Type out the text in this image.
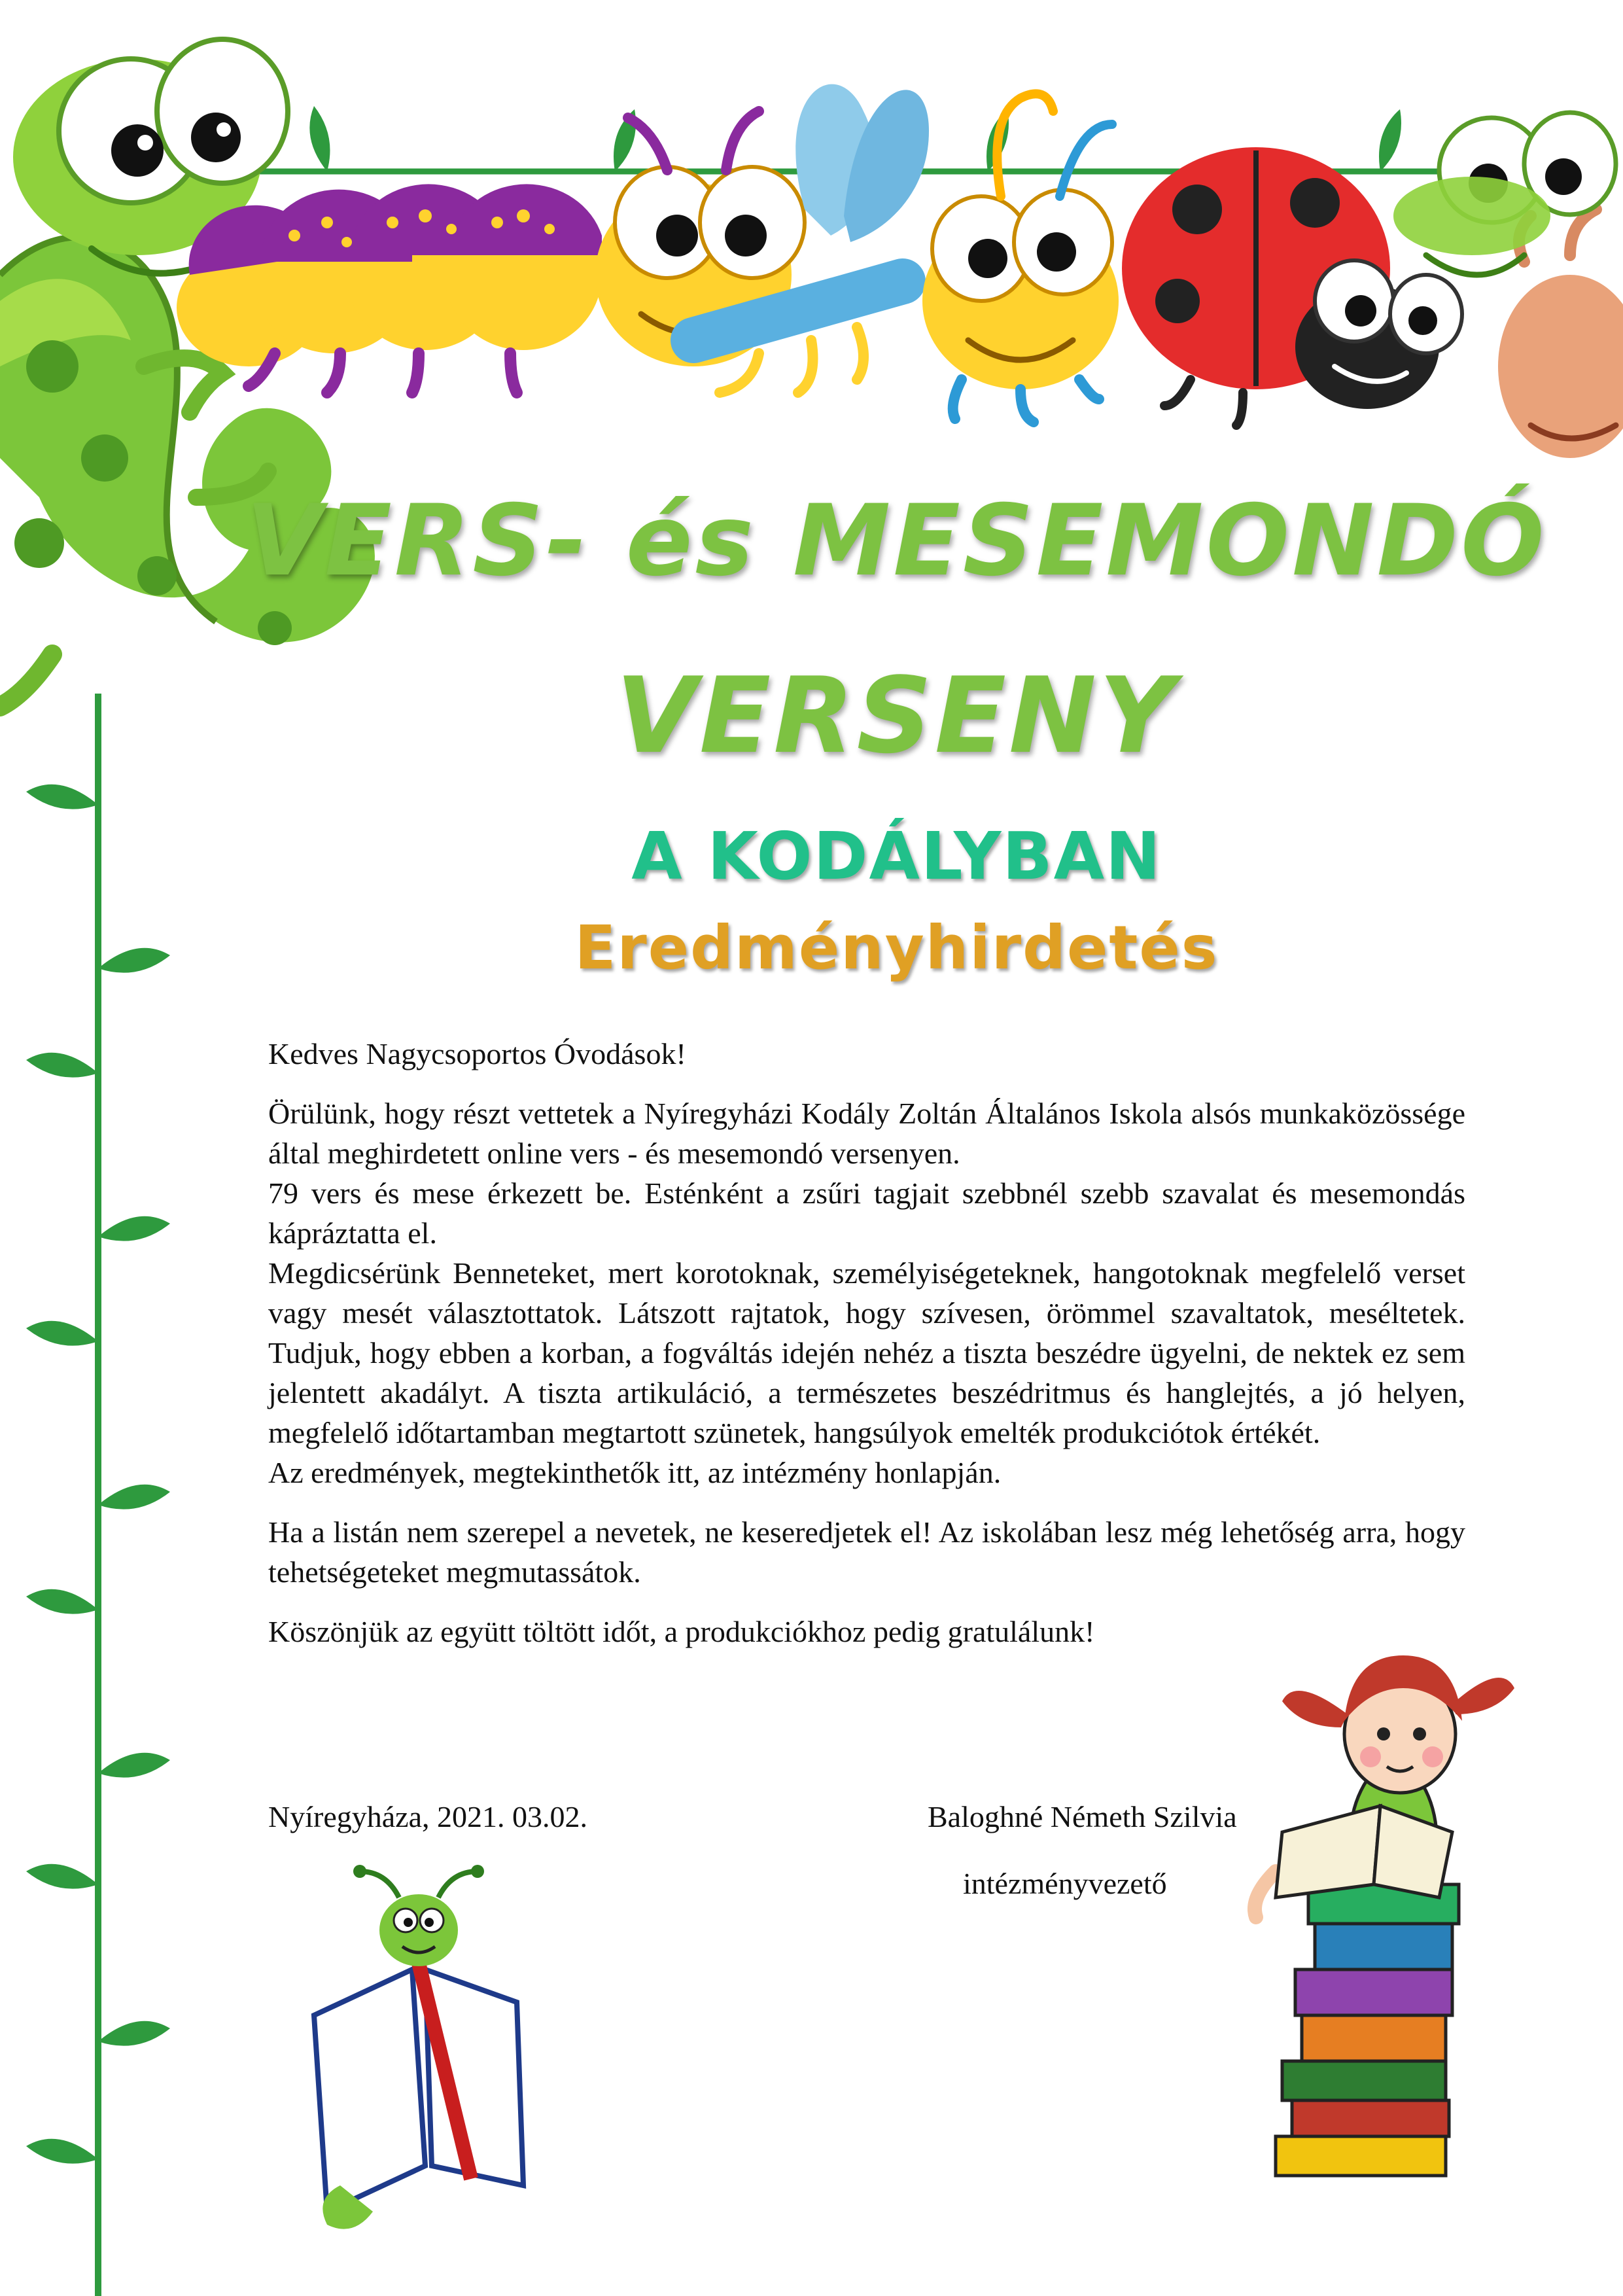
VERS- és MESEMONDÓ
VERSENY
A KODÁLYBAN
Eredményhirdetés

Kedves Nagycsoportos Óvodások!

Örülünk, hogy részt vettetek a Nyíregyházi Kodály Zoltán Általános Iskola alsós munkaközössége által meghirdetett online vers - és mesemondó versenyen.

79 vers és mese érkezett be. Esténként a zsűri tagjait szebbnél szebb szavalat és mesemondás kápráztatta el.

Megdicsérünk Benneteket, mert korotoknak, személyiségeteknek, hangotoknak megfelelő verset vagy mesét választottatok. Látszott rajtatok, hogy szívesen, örömmel szavaltatok, meséltetek. Tudjuk, hogy ebben a korban, a fogváltás idején nehéz a tiszta beszédre ügyelni, de nektek ez sem jelentett akadályt. A tiszta artikuláció, a természetes beszédritmus és hanglejtés, a jó helyen, megfelelő időtartamban megtartott szünetek, hangsúlyok emelték produkciótok értékét.

Az eredmények, megtekinthetők itt, az intézmény honlapján.

Ha a listán nem szerepel a nevetek, ne keseredjetek el! Az iskolában lesz még lehetőség arra, hogy tehetségeteket megmutassátok.

Köszönjük az együtt töltött időt, a produkciókhoz pedig gratulálunk!

Nyíregyháza, 2021. 03.02.	Baloghné Németh Szilvia
intézményvezető
